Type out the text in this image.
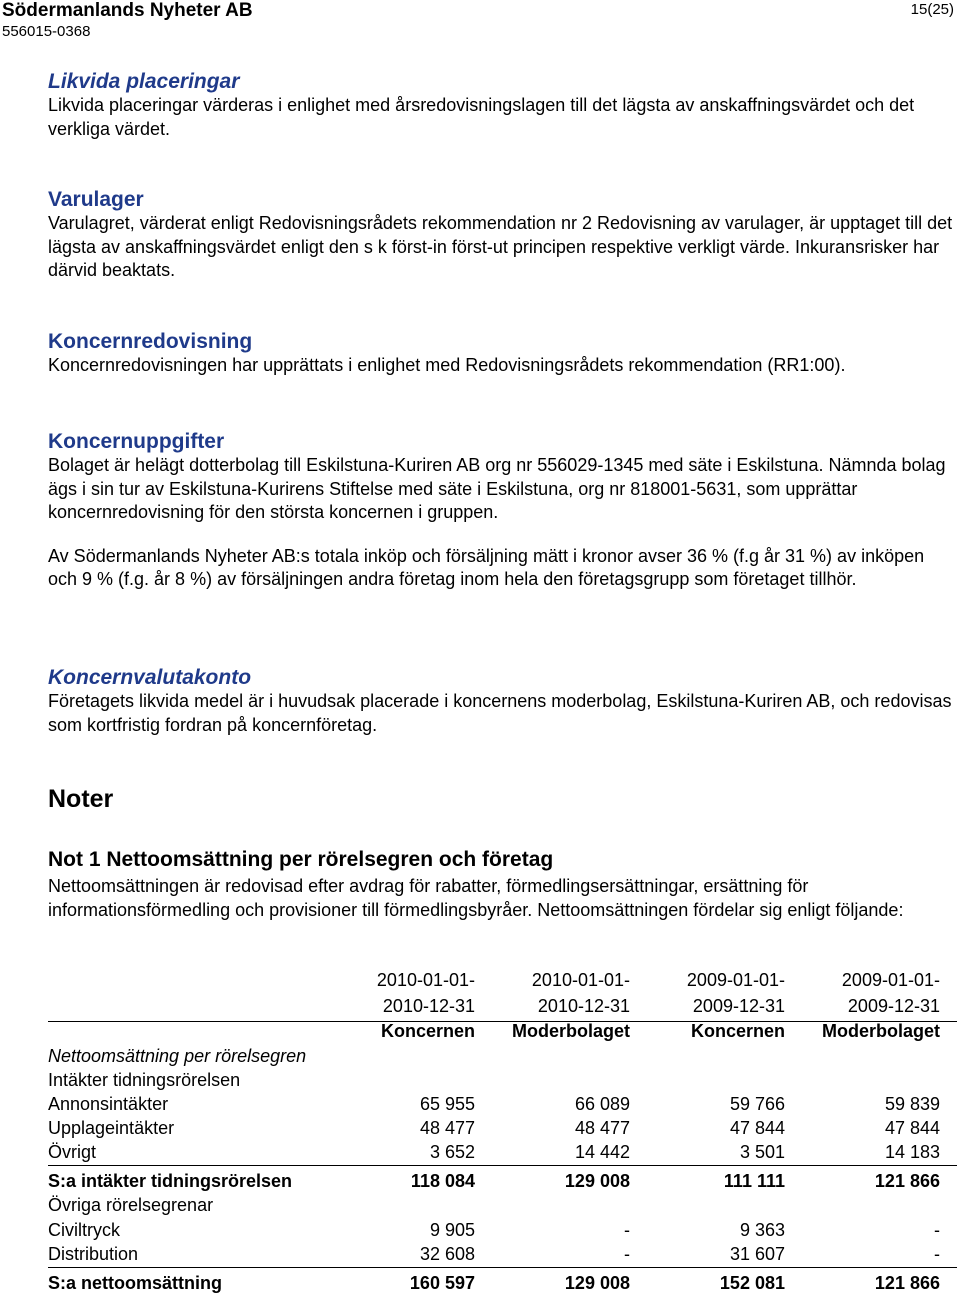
Södermanlands Nyheter AB
556015-0368
15(25)

Likvida placeringar

Likvida placeringar värderas i enlighet med årsredovisningslagen till det lägsta av anskaffningsvärdet och det verkliga värdet.

Varulager

Varulagret, värderat enligt Redovisningsrådets rekommendation nr 2 Redovisning av varulager, är upptaget till det lägsta av anskaffningsvärdet enligt den s k först-in först-ut principen respektive verkligt värde. Inkuransrisker har därvid beaktats.

Koncernredovisning

Koncernredovisningen har upprättats i enlighet med Redovisningsrådets rekommendation (RR1:00).

Koncernuppgifter

Bolaget är helägt dotterbolag till Eskilstuna-Kuriren AB org nr 556029-1345 med säte i Eskilstuna. Nämnda bolag ägs i sin tur av Eskilstuna-Kurirens Stiftelse med säte i Eskilstuna, org nr 818001-5631, som upprättar koncernredovisning för den största koncernen i gruppen.

Av Södermanlands Nyheter AB:s totala inköp och försäljning mätt i kronor avser 36 % (f.g år 31 %) av inköpen och 9 % (f.g. år 8 %) av försäljningen andra företag inom hela den företagsgrupp som företaget tillhör.

Koncernvalutakonto

Företagets likvida medel är i huvudsak placerade i koncernens moderbolag, Eskilstuna-Kuriren AB, och redovisas som kortfristig fordran på koncernföretag.

Noter
Not 1 Nettoomsättning per rörelsegren och företag
Nettoomsättningen är redovisad efter avdrag för rabatter, förmedlingsersättningar, ersättning för informationsförmedling och provisioner till förmedlingsbyråer. Nettoomsättningen fördelar sig enligt följande:
2010-01-01-	2010-01-01-	2009-01-01-	2009-01-01-
2010-12-31	2010-12-31	2009-12-31	2009-12-31
Koncernen Moderbolaget	Koncernen Moderbolaget
Nettoomsättning per rörelsegren
Intäkter tidningsrörelsen
Annonsintäkter	65 955	66 089	59 766	59 839
Upplageintäkter	48 477	48 477	47 844	47 844
Övrigt	3 652	14 442	3 501	14 183
S:a intäkter tidningsrörelsen	118 084	129 008	111 111	121 866
Övriga rörelsegrenar
Civiltryck	9 905	-	9 363	-
Distribution	32 608	-	31 607	-
S:a nettoomsättning	160 597	129 008	152 081	121 866
